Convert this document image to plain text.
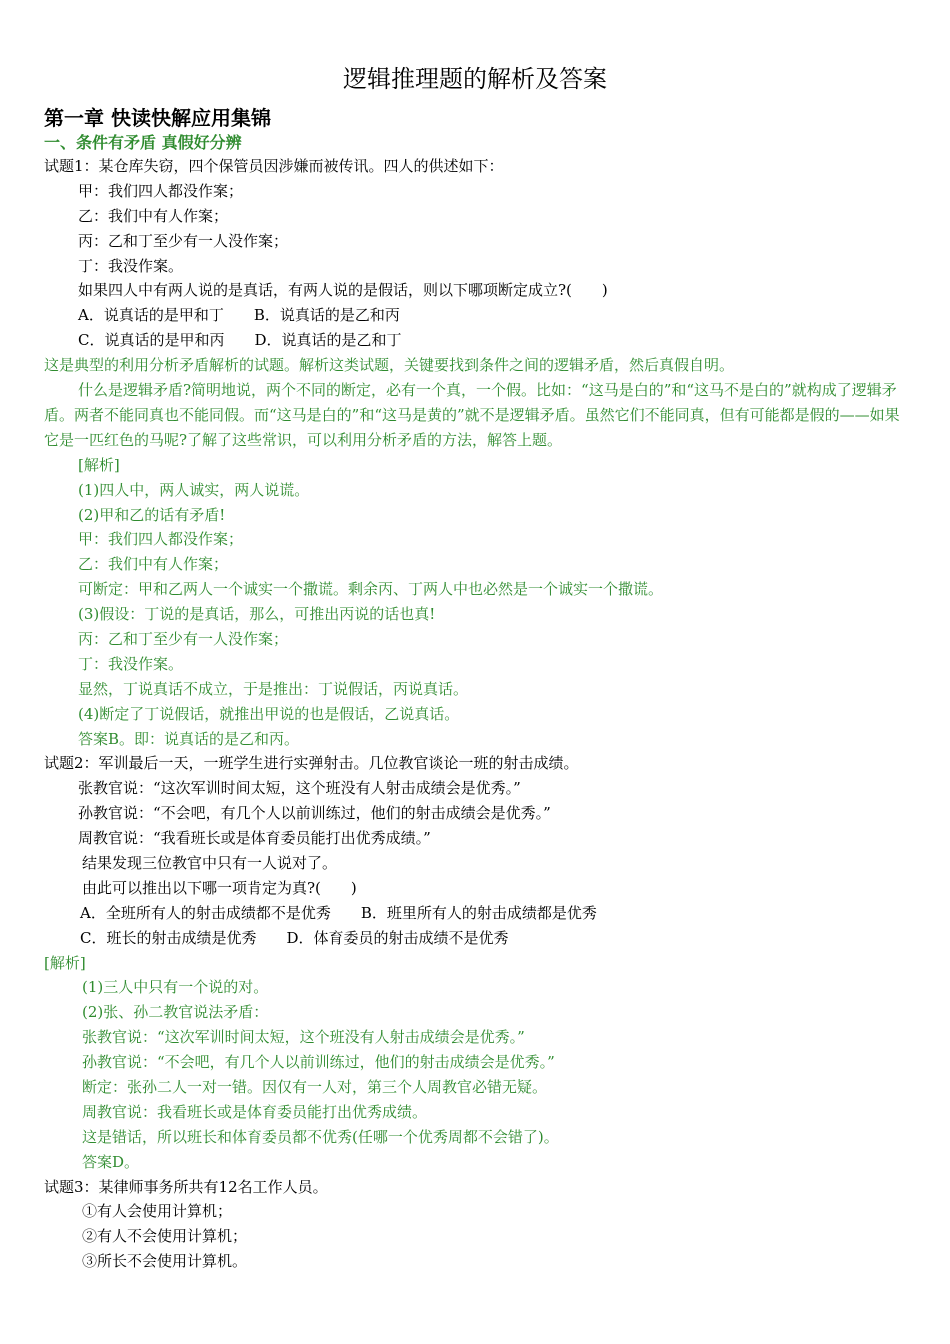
逻辑推理题的解析及答案
第一章 快读快解应用集锦
一、条件有矛盾 真假好分辨
试题1：某仓库失窃，四个保管员因涉嫌而被传讯。四人的供述如下：
甲：我们四人都没作案；
乙：我们中有人作案；
丙：乙和丁至少有一人没作案；
丁：我没作案。
如果四人中有两人说的是真话，有两人说的是假话，则以下哪项断定成立?(　　)
A．说真话的是甲和丁 B．说真话的是乙和丙
C．说真话的是甲和丙 D．说真话的是乙和丁
这是典型的利用分析矛盾解析的试题。解析这类试题，关键要找到条件之间的逻辑矛盾，然后真假自明。
什么是逻辑矛盾?简明地说，两个不同的断定，必有一个真，一个假。比如：“这马是白的”和“这马不是白的”就构成了逻辑矛盾。两者不能同真也不能同假。而“这马是白的”和“这马是黄的”就不是逻辑矛盾。虽然它们不能同真，但有可能都是假的——如果它是一匹红色的马呢?了解了这些常识，可以利用分析矛盾的方法，解答上题。
[解析]
(1)四人中，两人诚实，两人说谎。
(2)甲和乙的话有矛盾!
甲：我们四人都没作案；
乙：我们中有人作案；
可断定：甲和乙两人一个诚实一个撒谎。剩余丙、丁两人中也必然是一个诚实一个撒谎。
(3)假设：丁说的是真话，那么，可推出丙说的话也真!
丙：乙和丁至少有一人没作案；
丁：我没作案。
显然，丁说真话不成立，于是推出：丁说假话，丙说真话。
(4)断定了丁说假话，就推出甲说的也是假话，乙说真话。
答案B。即：说真话的是乙和丙。
试题2：军训最后一天，一班学生进行实弹射击。几位教官谈论一班的射击成绩。
张教官说：“这次军训时间太短，这个班没有人射击成绩会是优秀。”
孙教官说：“不会吧，有几个人以前训练过，他们的射击成绩会是优秀。”
周教官说：“我看班长或是体育委员能打出优秀成绩。”
结果发现三位教官中只有一人说对了。
由此可以推出以下哪一项肯定为真?(　　)
A．全班所有人的射击成绩都不是优秀 B．班里所有人的射击成绩都是优秀
C．班长的射击成绩是优秀 D．体育委员的射击成绩不是优秀
[解析]
(1)三人中只有一个说的对。
(2)张、孙二教官说法矛盾：
张教官说：“这次军训时间太短，这个班没有人射击成绩会是优秀。”
孙教官说：“不会吧，有几个人以前训练过，他们的射击成绩会是优秀。”
断定：张孙二人一对一错。因仅有一人对，第三个人周教官必错无疑。
周教官说：我看班长或是体育委员能打出优秀成绩。
这是错话，所以班长和体育委员都不优秀(任哪一个优秀周都不会错了)。
答案D。
试题3：某律师事务所共有12名工作人员。
①有人会使用计算机；
②有人不会使用计算机；
③所长不会使用计算机。
